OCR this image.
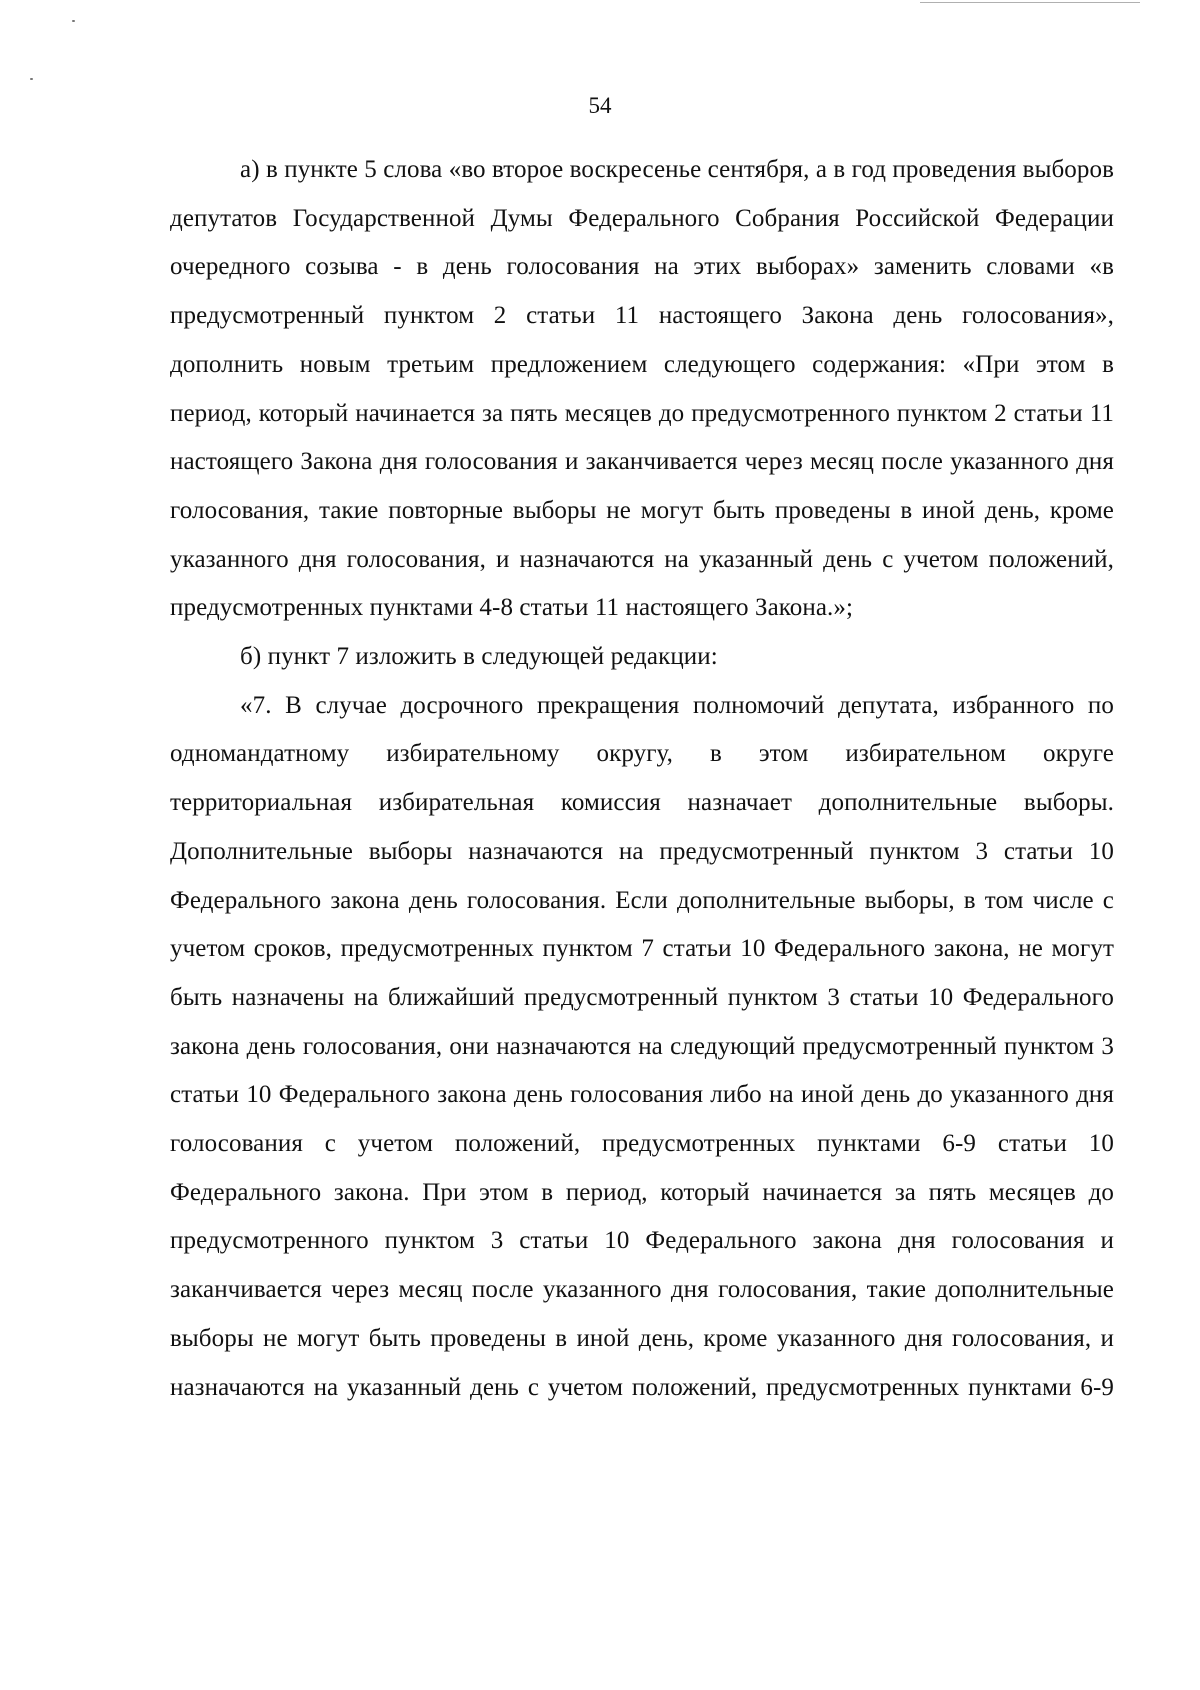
54

а) в пункте 5 слова «во второе воскресенье сентября, а в год проведения выборов депутатов Государственной Думы Федерального Собрания Российской Федерации очередного созыва - в день голосования на этих выборах» заменить словами «в предусмотренный пунктом 2 статьи 11 настоящего Закона день голосования», дополнить новым третьим предложением следующего содержания: «При этом в период, который начинается за пять месяцев до предусмотренного пунктом 2 статьи 11 настоящего Закона дня голосования и заканчивается через месяц после указанного дня голосования, такие повторные выборы не могут быть проведены в иной день, кроме указанного дня голосования, и назначаются на указанный день с учетом положений, предусмотренных пунктами 4-8 статьи 11 настоящего Закона.»;

б) пункт 7 изложить в следующей редакции:

«7. В случае досрочного прекращения полномочий депутата, избранного по одномандатному избирательному округу, в этом избирательном округе территориальная избирательная комиссия назначает дополнительные выборы. Дополнительные выборы назначаются на предусмотренный пунктом 3 статьи 10 Федерального закона день голосования. Если дополнительные выборы, в том числе с учетом сроков, предусмотренных пунктом 7 статьи 10 Федерального закона, не могут быть назначены на ближайший предусмотренный пунктом 3 статьи 10 Федерального закона день голосования, они назначаются на следующий предусмотренный пунктом 3 статьи 10 Федерального закона день голосования либо на иной день до указанного дня голосования с учетом положений, предусмотренных пунктами 6-9 статьи 10 Федерального закона. При этом в период, который начинается за пять месяцев до предусмотренного пунктом 3 статьи 10 Федерального закона дня голосования и заканчивается через месяц после указанного дня голосования, такие дополнительные выборы не могут быть проведены в иной день, кроме указанного дня голосования, и назначаются на указанный день с учетом положений, предусмотренных пунктами 6-9
